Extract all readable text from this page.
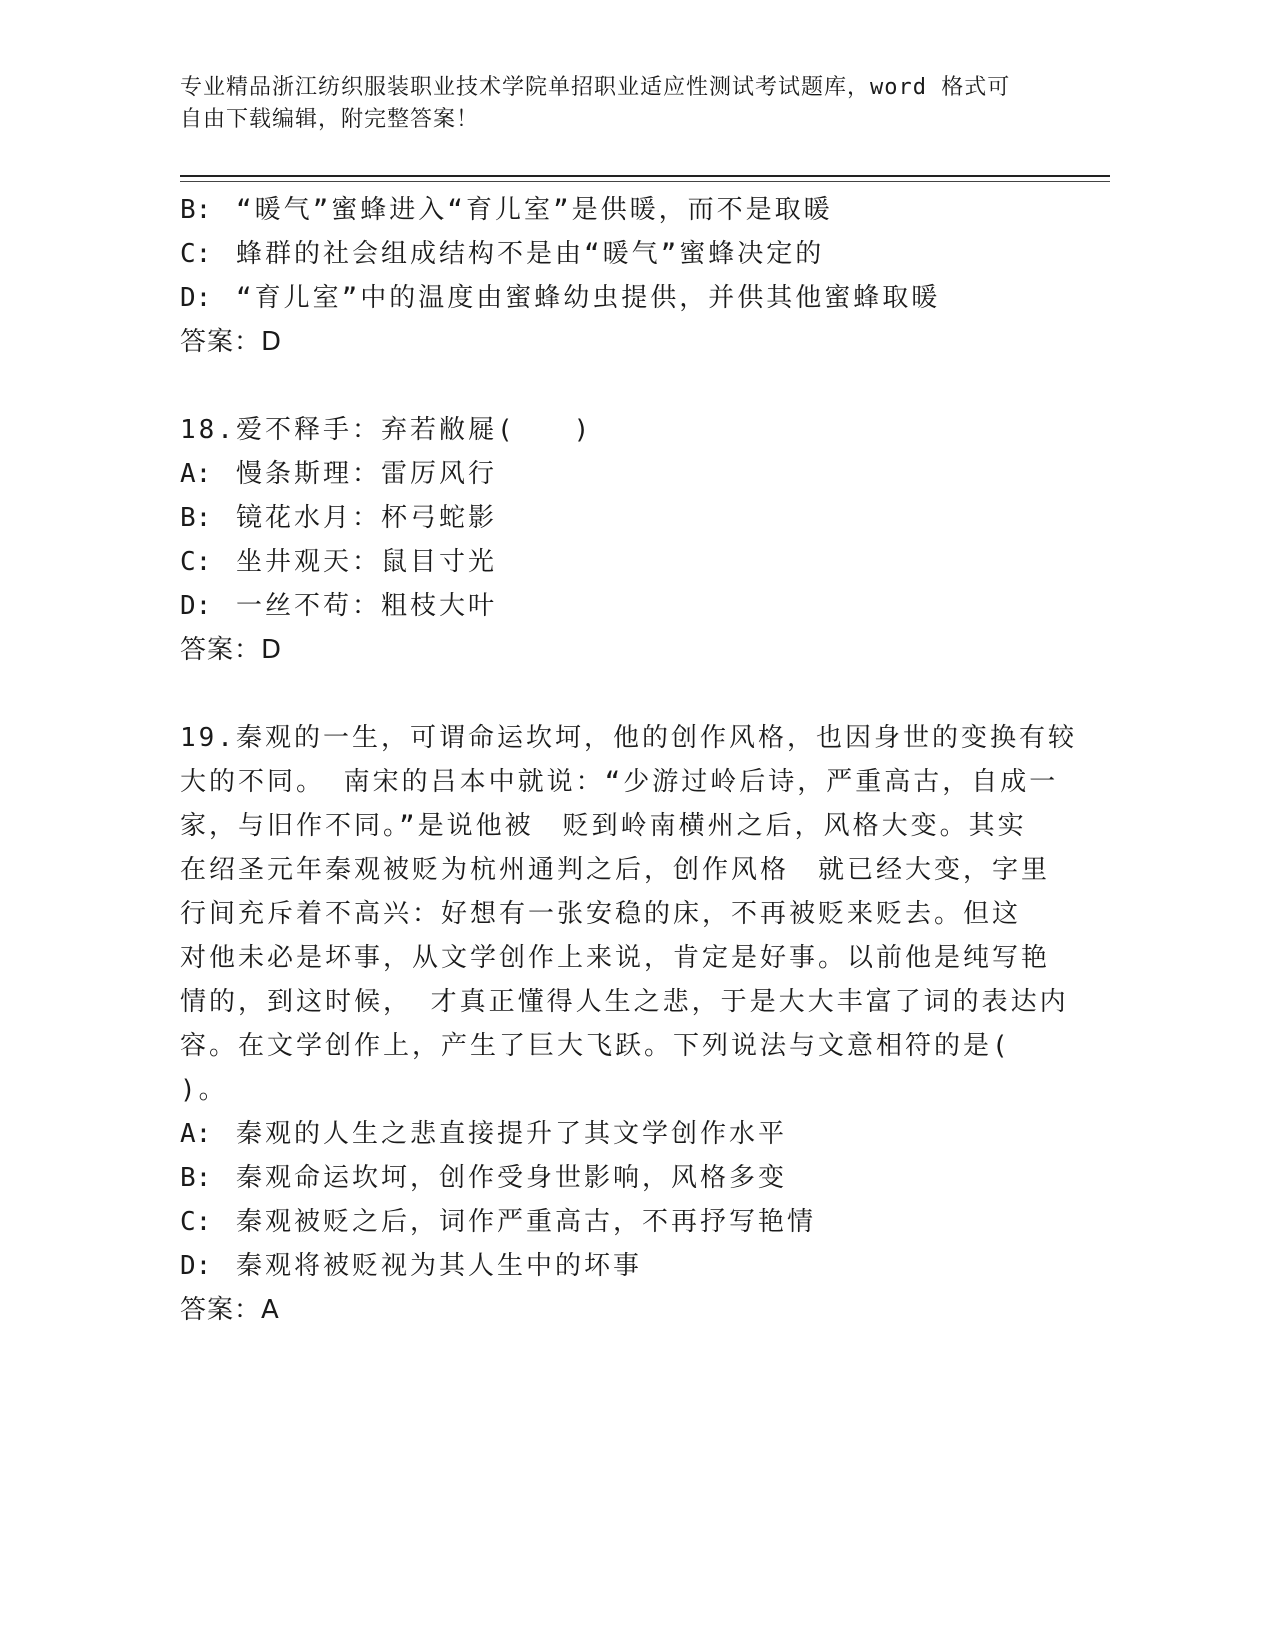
专业精品浙江纺织服装职业技术学院单招职业适应性测试考试题库，word 格式可
自由下载编辑，附完整答案！
B: “暖气”蜜蜂进入“育儿室”是供暖，而不是取暖
C: 蜂群的社会组成结构不是由“暖气”蜜蜂决定的
D: “育儿室”中的温度由蜜蜂幼虫提供，并供其他蜜蜂取暖
答案：D
18.爱不释手：弃若敝屣(　　)
A: 慢条斯理：雷厉风行
B: 镜花水月：杯弓蛇影
C: 坐井观天：鼠目寸光
D: 一丝不苟：粗枝大叶
答案：D
19.秦观的一生，可谓命运坎坷，他的创作风格，也因身世的变换有较
大的不同。 南宋的吕本中就说：“少游过岭后诗，严重高古，自成一
家，与旧作不同。”是说他被　贬到岭南横州之后，风格大变。其实
在绍圣元年秦观被贬为杭州通判之后，创作风格　就已经大变，字里
行间充斥着不高兴：好想有一张安稳的床，不再被贬来贬去。但这
对他未必是坏事，从文学创作上来说，肯定是好事。以前他是纯写艳
情的，到这时候， 才真正懂得人生之悲，于是大大丰富了词的表达内
容。在文学创作上，产生了巨大飞跃。下列说法与文意相符的是(
)。
A: 秦观的人生之悲直接提升了其文学创作水平
B: 秦观命运坎坷，创作受身世影响，风格多变
C: 秦观被贬之后，词作严重高古，不再抒写艳情
D: 秦观将被贬视为其人生中的坏事
答案：A
